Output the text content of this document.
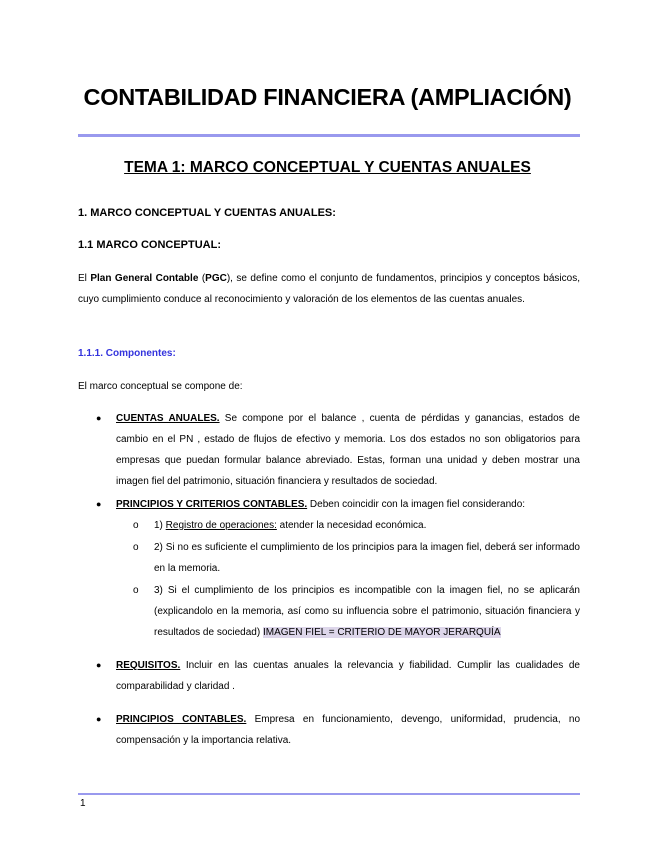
CONTABILIDAD FINANCIERA (AMPLIACIÓN)
TEMA 1: MARCO CONCEPTUAL Y CUENTAS ANUALES

1. MARCO CONCEPTUAL Y CUENTAS ANUALES:

1.1 MARCO CONCEPTUAL:

El Plan General Contable (PGC), se define como el conjunto de fundamentos, principios y conceptos básicos, cuyo cumplimiento conduce al reconocimiento y valoración de los elementos de las cuentas anuales.

1.1.1. Componentes:

El marco conceptual se compone de:

● CUENTAS ANUALES. Se compone por el balance , cuenta de pérdidas y ganancias, estados de cambio en el PN , estado de flujos de efectivo y memoria. Los dos estados no son obligatorios para empresas que puedan formular balance abreviado. Estas, forman una unidad y deben mostrar una imagen fiel del patrimonio, situación financiera y resultados de sociedad.

● PRINCIPIOS Y CRITERIOS CONTABLES. Deben coincidir con la imagen fiel considerando:

o 1) Registro de operaciones: atender la necesidad económica.

o 2) Si no es suficiente el cumplimiento de los principios para la imagen fiel, deberá ser informado en la memoria.

o 3) Si el cumplimiento de los principios es incompatible con la imagen fiel, no se aplicarán (explicandolo en la memoria, así como su influencia sobre el patrimonio, situación financiera y resultados de sociedad) IMAGEN FIEL = CRITERIO DE MAYOR JERARQUÍA

● REQUISITOS. Incluir en las cuentas anuales la relevancia y fiabilidad. Cumplir las cualidades de comparabilidad y claridad .

● PRINCIPIOS CONTABLES. Empresa en funcionamiento, devengo, uniformidad, prudencia, no compensación y la importancia relativa.

1
